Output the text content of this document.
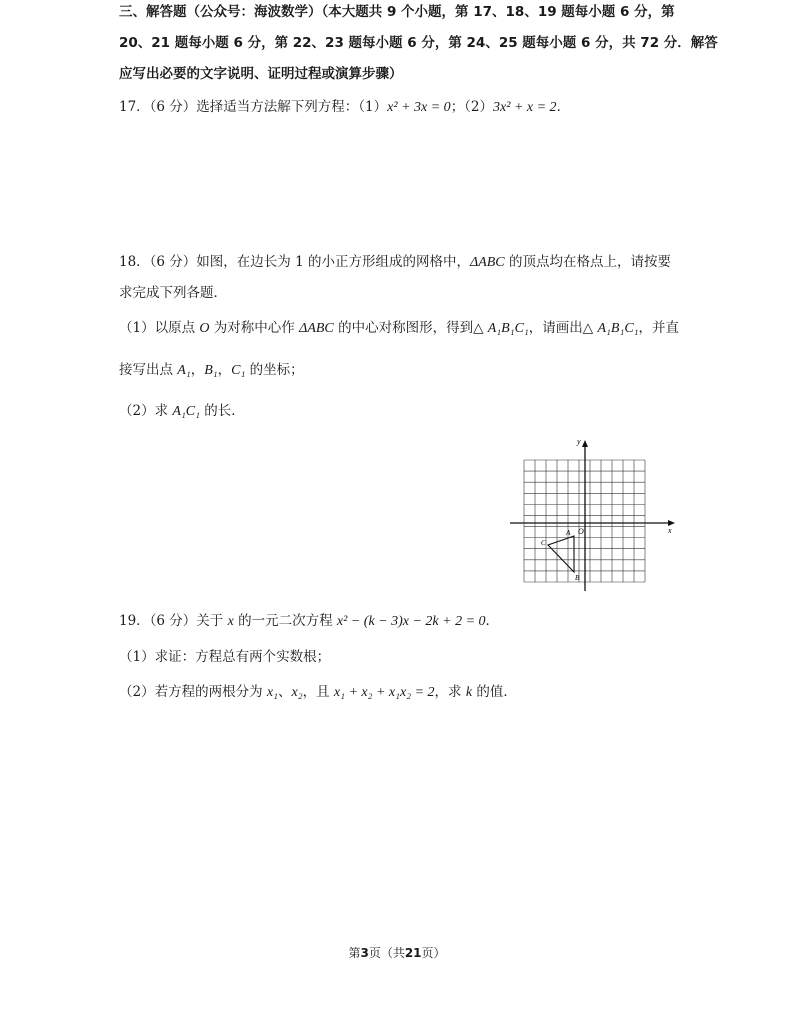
三、解答题（公众号：海波数学）（本大题共 9 个小题，第 17、18、19 题每小题 6 分，第
20、21 题每小题 6 分，第 22、23 题每小题 6 分，第 24、25 题每小题 6 分，共 72 分．解答
应写出必要的文字说明、证明过程或演算步骤）
17．（6 分）选择适当方法解下列方程：（1）x² + 3x = 0；（2）3x² + x = 2．
18．（6 分）如图，在边长为 1 的小正方形组成的网格中，ΔABC 的顶点均在格点上，请按要
求完成下列各题．
（1）以原点 O 为对称中心作 ΔABC 的中心对称图形，得到△ A₁B₁C₁，请画出△ A₁B₁C₁，并直
接写出点 A₁，B₁，C₁ 的坐标；
（2）求 A₁C₁ 的长．
y
x
O
A
B
C
19．（6 分）关于 x 的一元二次方程 x² − (k − 3)x − 2k + 2 = 0．
（1）求证：方程总有两个实数根；
（2）若方程的两根分为 x₁、x₂，且 x₁ + x₂ + x₁x₂ = 2，求 k 的值．
第3页（共21页）
